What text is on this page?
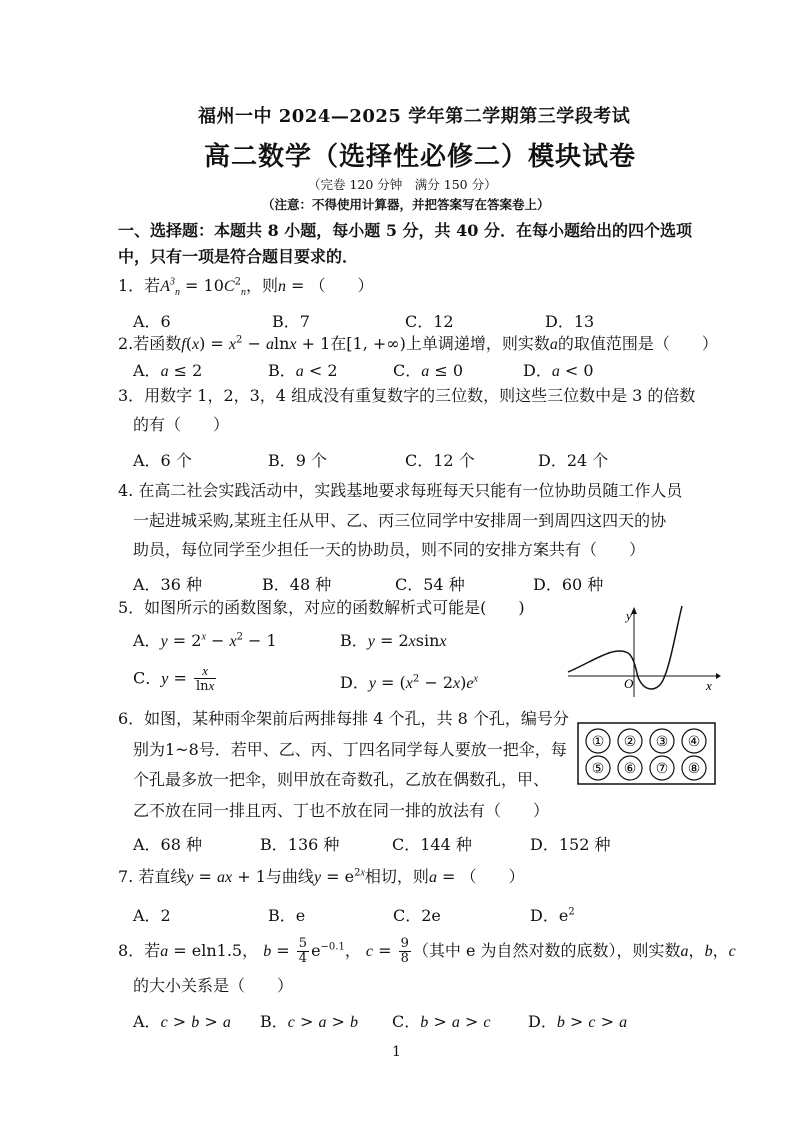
福州一中 2024—2025 学年第二学期第三学段考试
高二数学（选择性必修二）模块试卷
（完卷 120 分钟　满分 150 分）
（注意：不得使用计算器，并把答案写在答案卷上）
一、选择题：本题共 8 小题，每小题 5 分，共 40 分．在每小题给出的四个选项
中，只有一项是符合题目要求的．
1．若$A^3_n = 10C^2_n$，则n = （　　）
A．6	B．7	C．12	D．13
2.若函数$f(x) = x^2 - alnx + 1$在[1, +∞)上单调递增，则实数a的取值范围是（　　）
A．a ≤ 2	B．a < 2	C．a ≤ 0	D．a < 0
3．用数字 1，2，3，4 组成没有重复数字的三位数，则这些三位数中是 3 的倍数
的有（　　）
A．6 个	B．9 个	C．12 个	D．24 个
4. 在高二社会实践活动中，实践基地要求每班每天只能有一位协助员随工作人员
一起进城采购,某班主任从甲、乙、丙三位同学中安排周一到周四这四天的协
助员，每位同学至少担任一天的协助员，则不同的安排方案共有（　　）
A．36 种	B．48 种	C．54 种	D．60 种
5．如图所示的函数图象，对应的函数解析式可能是(　　)
A．$y = 2^x - x^2 - 1$	B．y = 2xsinx
C．$y = \frac{x}{\ln x}$	D．$y = (x^2 - 2x)e^x$
y
O	x
6．如图，某种雨伞架前后两排每排 4 个孔，共 8 个孔，编号分
别为1~8号．若甲、乙、丙、丁四名同学每人要放一把伞，每
个孔最多放一把伞，则甲放在奇数孔，乙放在偶数孔，甲、
乙不放在同一排且丙、丁也不放在同一排的放法有（　　）
A．68 种	B．136 种	C．144 种	D．152 种
① ② ③ ④
⑤ ⑥ ⑦ ⑧
7. 若直线y = ax + 1与曲线$y = e^{2x}$相切，则a = （　　）
A．2	B．e	C．2e	D．$e^2$
8．若a = eln1.5， $b = \frac{5}{4} e^{-0.1}$， $c = \frac{9}{8}$ （其中 e 为自然对数的底数），则实数a，b，c
的大小关系是（　　）
A．c > b > a B．c > a > b C．b > a > c D．b > c > a
1
